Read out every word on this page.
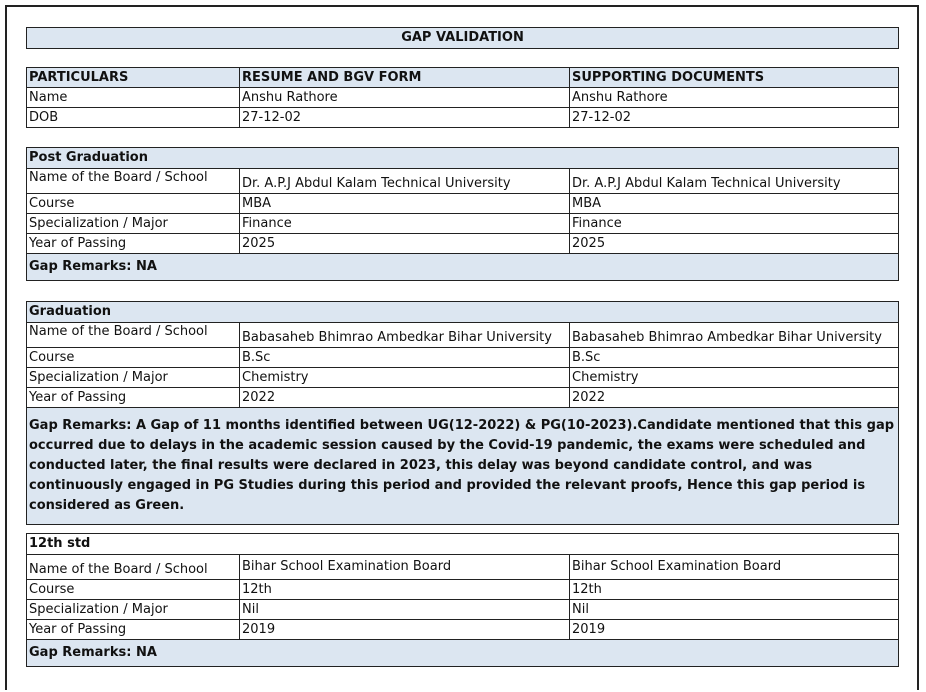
GAP VALIDATION
PARTICULARS	RESUME AND BGV FORM	SUPPORTING DOCUMENTS
Name	Anshu Rathore	Anshu Rathore
DOB	27-12-02	27-12-02
Post Graduation		
Name of the Board / School	Dr. A.P.J Abdul Kalam Technical University	Dr. A.P.J Abdul Kalam Technical University
Course	MBA	MBA
Specialization / Major	Finance	Finance
Year of Passing	2025	2025
Gap Remarks: NA		
Graduation		
Name of the Board / School	Babasaheb Bhimrao Ambedkar Bihar University	Babasaheb Bhimrao Ambedkar Bihar University
Course	B.Sc	B.Sc
Specialization / Major	Chemistry	Chemistry
Year of Passing	2022	2022
Gap Remarks: A Gap of 11 months identified between UG(12-2022) & PG(10-2023).Candidate mentioned that this gap occurred due to delays in the academic session caused by the Covid-19 pandemic, the exams were scheduled and conducted later, the final results were declared in 2023, this delay was beyond candidate control, and was continuously engaged in PG Studies during this period and provided the relevant proofs, Hence this gap period is considered as Green.		
12th std		
Name of the Board / School	Bihar School Examination Board	Bihar School Examination Board
Course	12th	12th
Specialization / Major	Nil	Nil
Year of Passing	2019	2019
Gap Remarks: NA		
